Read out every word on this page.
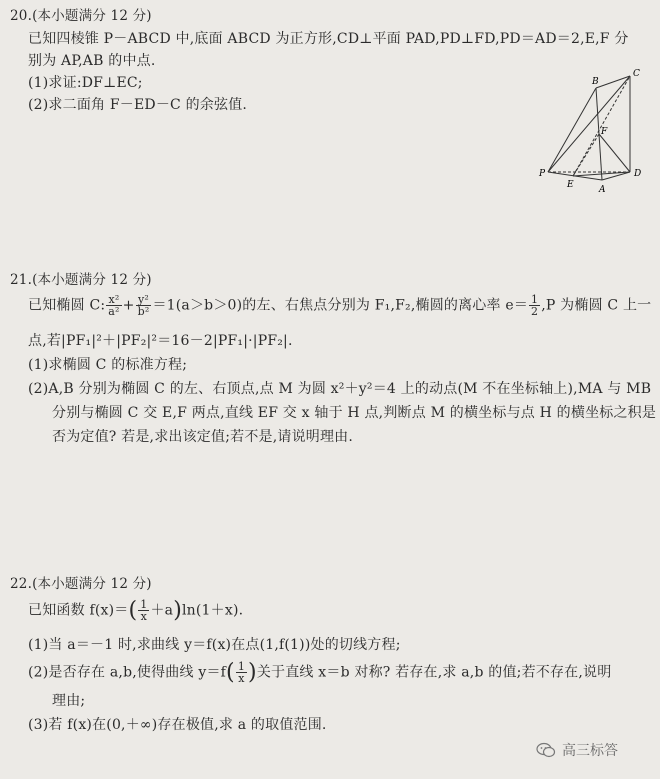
20.(本小题满分 12 分)
已知四棱锥 P－ABCD 中,底面 ABCD 为正方形,CD⊥平面 PAD,PD⊥FD,PD＝AD＝2,E,F 分
别为 AP,AB 的中点.
(1)求证:DF⊥EC;
(2)求二面角 F－ED－C 的余弦值.
B
C
F
P
E	A
D
21.(本小题满分 12 分)
已知椭圆 C: $\frac{\text{x²}}{\text{a²}} + \frac{\text{y²}}{\text{b²}} =1(a>b>0)$的左、右焦点分别为 F₁,F₂,椭圆的离心率 $e= \frac{1}{2} ,P$ 为椭圆 C 上一
点,若|PF₁|²＋|PF₂|²＝16－2|PF₁|·|PF₂|.
(1)求椭圆 C 的标准方程;
(2)A,B 分别为椭圆 C 的左、右顶点,点 M 为圆 x²＋y²＝4 上的动点(M 不在坐标轴上),MA 与 MB
分别与椭圆 C 交 E,F 两点,直线 EF 交 x 轴于 H 点,判断点 M 的横坐标与点 H 的横坐标之积是
否为定值? 若是,求出该定值;若不是,请说明理由.
22.(本小题满分 12 分)
已知函数 $f(x)=( \frac{1}{x} +a)\ln(1+x)$.
(1)当 a＝－1 时,求曲线 y＝f(x)在点(1,f(1))处的切线方程;
(2)是否存在 a,b,使得曲线 $y=f( \frac{1}{x}$ )关于直线 x＝b 对称? 若存在,求 a,b 的值;若不存在,说明
理由;
(3)若 f(x)在(0,＋∞)存在极值,求 a 的取值范围.
高三标答
